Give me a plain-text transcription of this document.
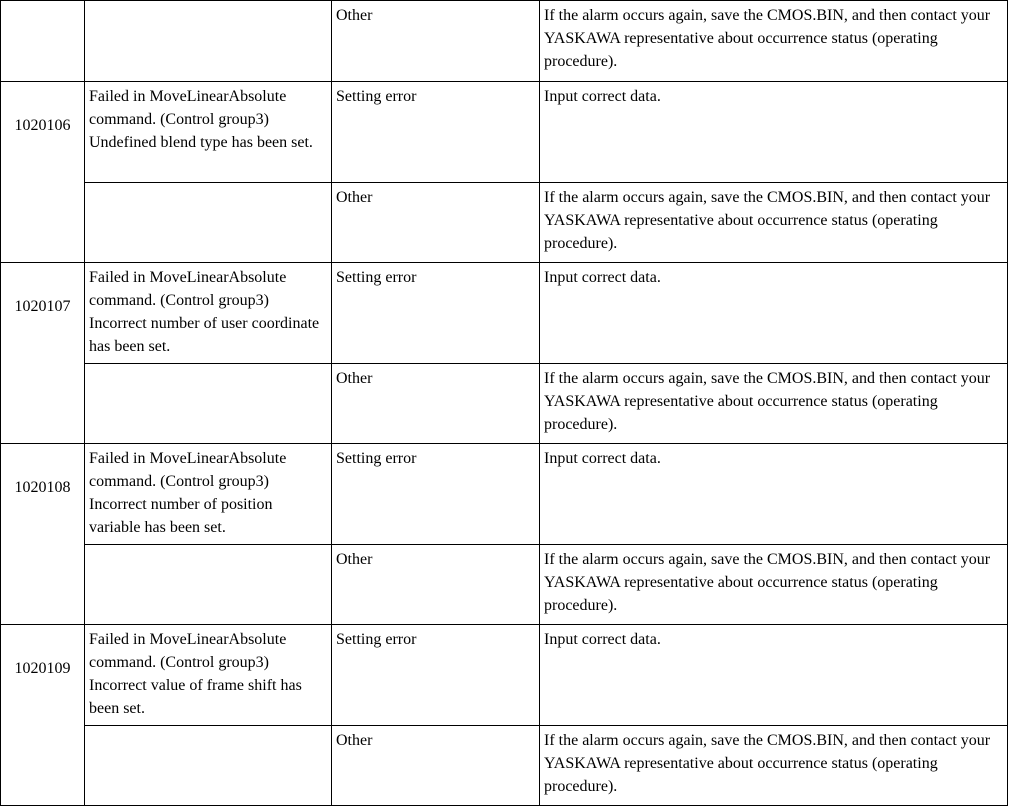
		Other	If the alarm occurs again, save the CMOS.BIN, and then contact your YASKAWA representative about occurrence status (operating procedure).

1020106	Failed in MoveLinearAbsolute command. (Control group3) Undefined blend type has been set.	Setting error	Input correct data.

		Other	If the alarm occurs again, save the CMOS.BIN, and then contact your YASKAWA representative about occurrence status (operating procedure).

1020107	Failed in MoveLinearAbsolute command. (Control group3) Incorrect number of user coordinate has been set.	Setting error	Input correct data.

		Other	If the alarm occurs again, save the CMOS.BIN, and then contact your YASKAWA representative about occurrence status (operating procedure).

1020108	Failed in MoveLinearAbsolute command. (Control group3) Incorrect number of position variable has been set.	Setting error	Input correct data.

		Other	If the alarm occurs again, save the CMOS.BIN, and then contact your YASKAWA representative about occurrence status (operating procedure).

1020109	Failed in MoveLinearAbsolute command. (Control group3) Incorrect value of frame shift has been set.	Setting error	Input correct data.

		Other	If the alarm occurs again, save the CMOS.BIN, and then contact your YASKAWA representative about occurrence status (operating procedure).
